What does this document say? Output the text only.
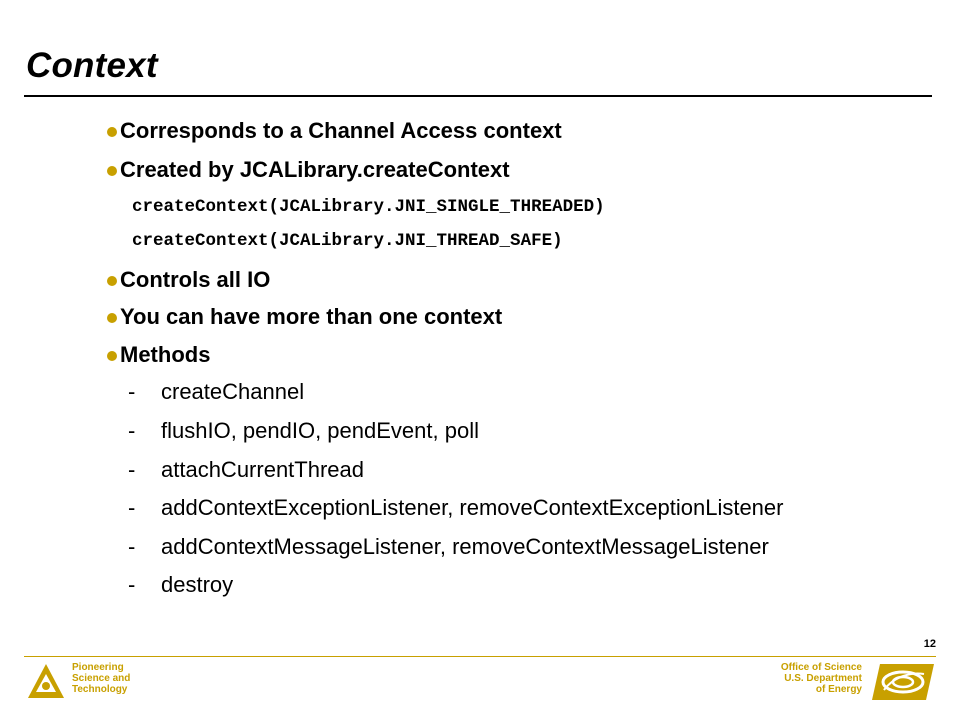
Context
Corresponds to a Channel Access context
Created by JCALibrary.createContext
createContext(JCALibrary.JNI_SINGLE_THREADED)
createContext(JCALibrary.JNI_THREAD_SAFE)
Controls all IO
You can have more than one context
Methods
- createChannel
- flushIO, pendIO, pendEvent, poll
- attachCurrentThread
- addContextExceptionListener, removeContextExceptionListener
- addContextMessageListener, removeContextMessageListener
- destroy
12
Pioneering
Science and
Technology
Office of Science
U.S. Department
of Energy
